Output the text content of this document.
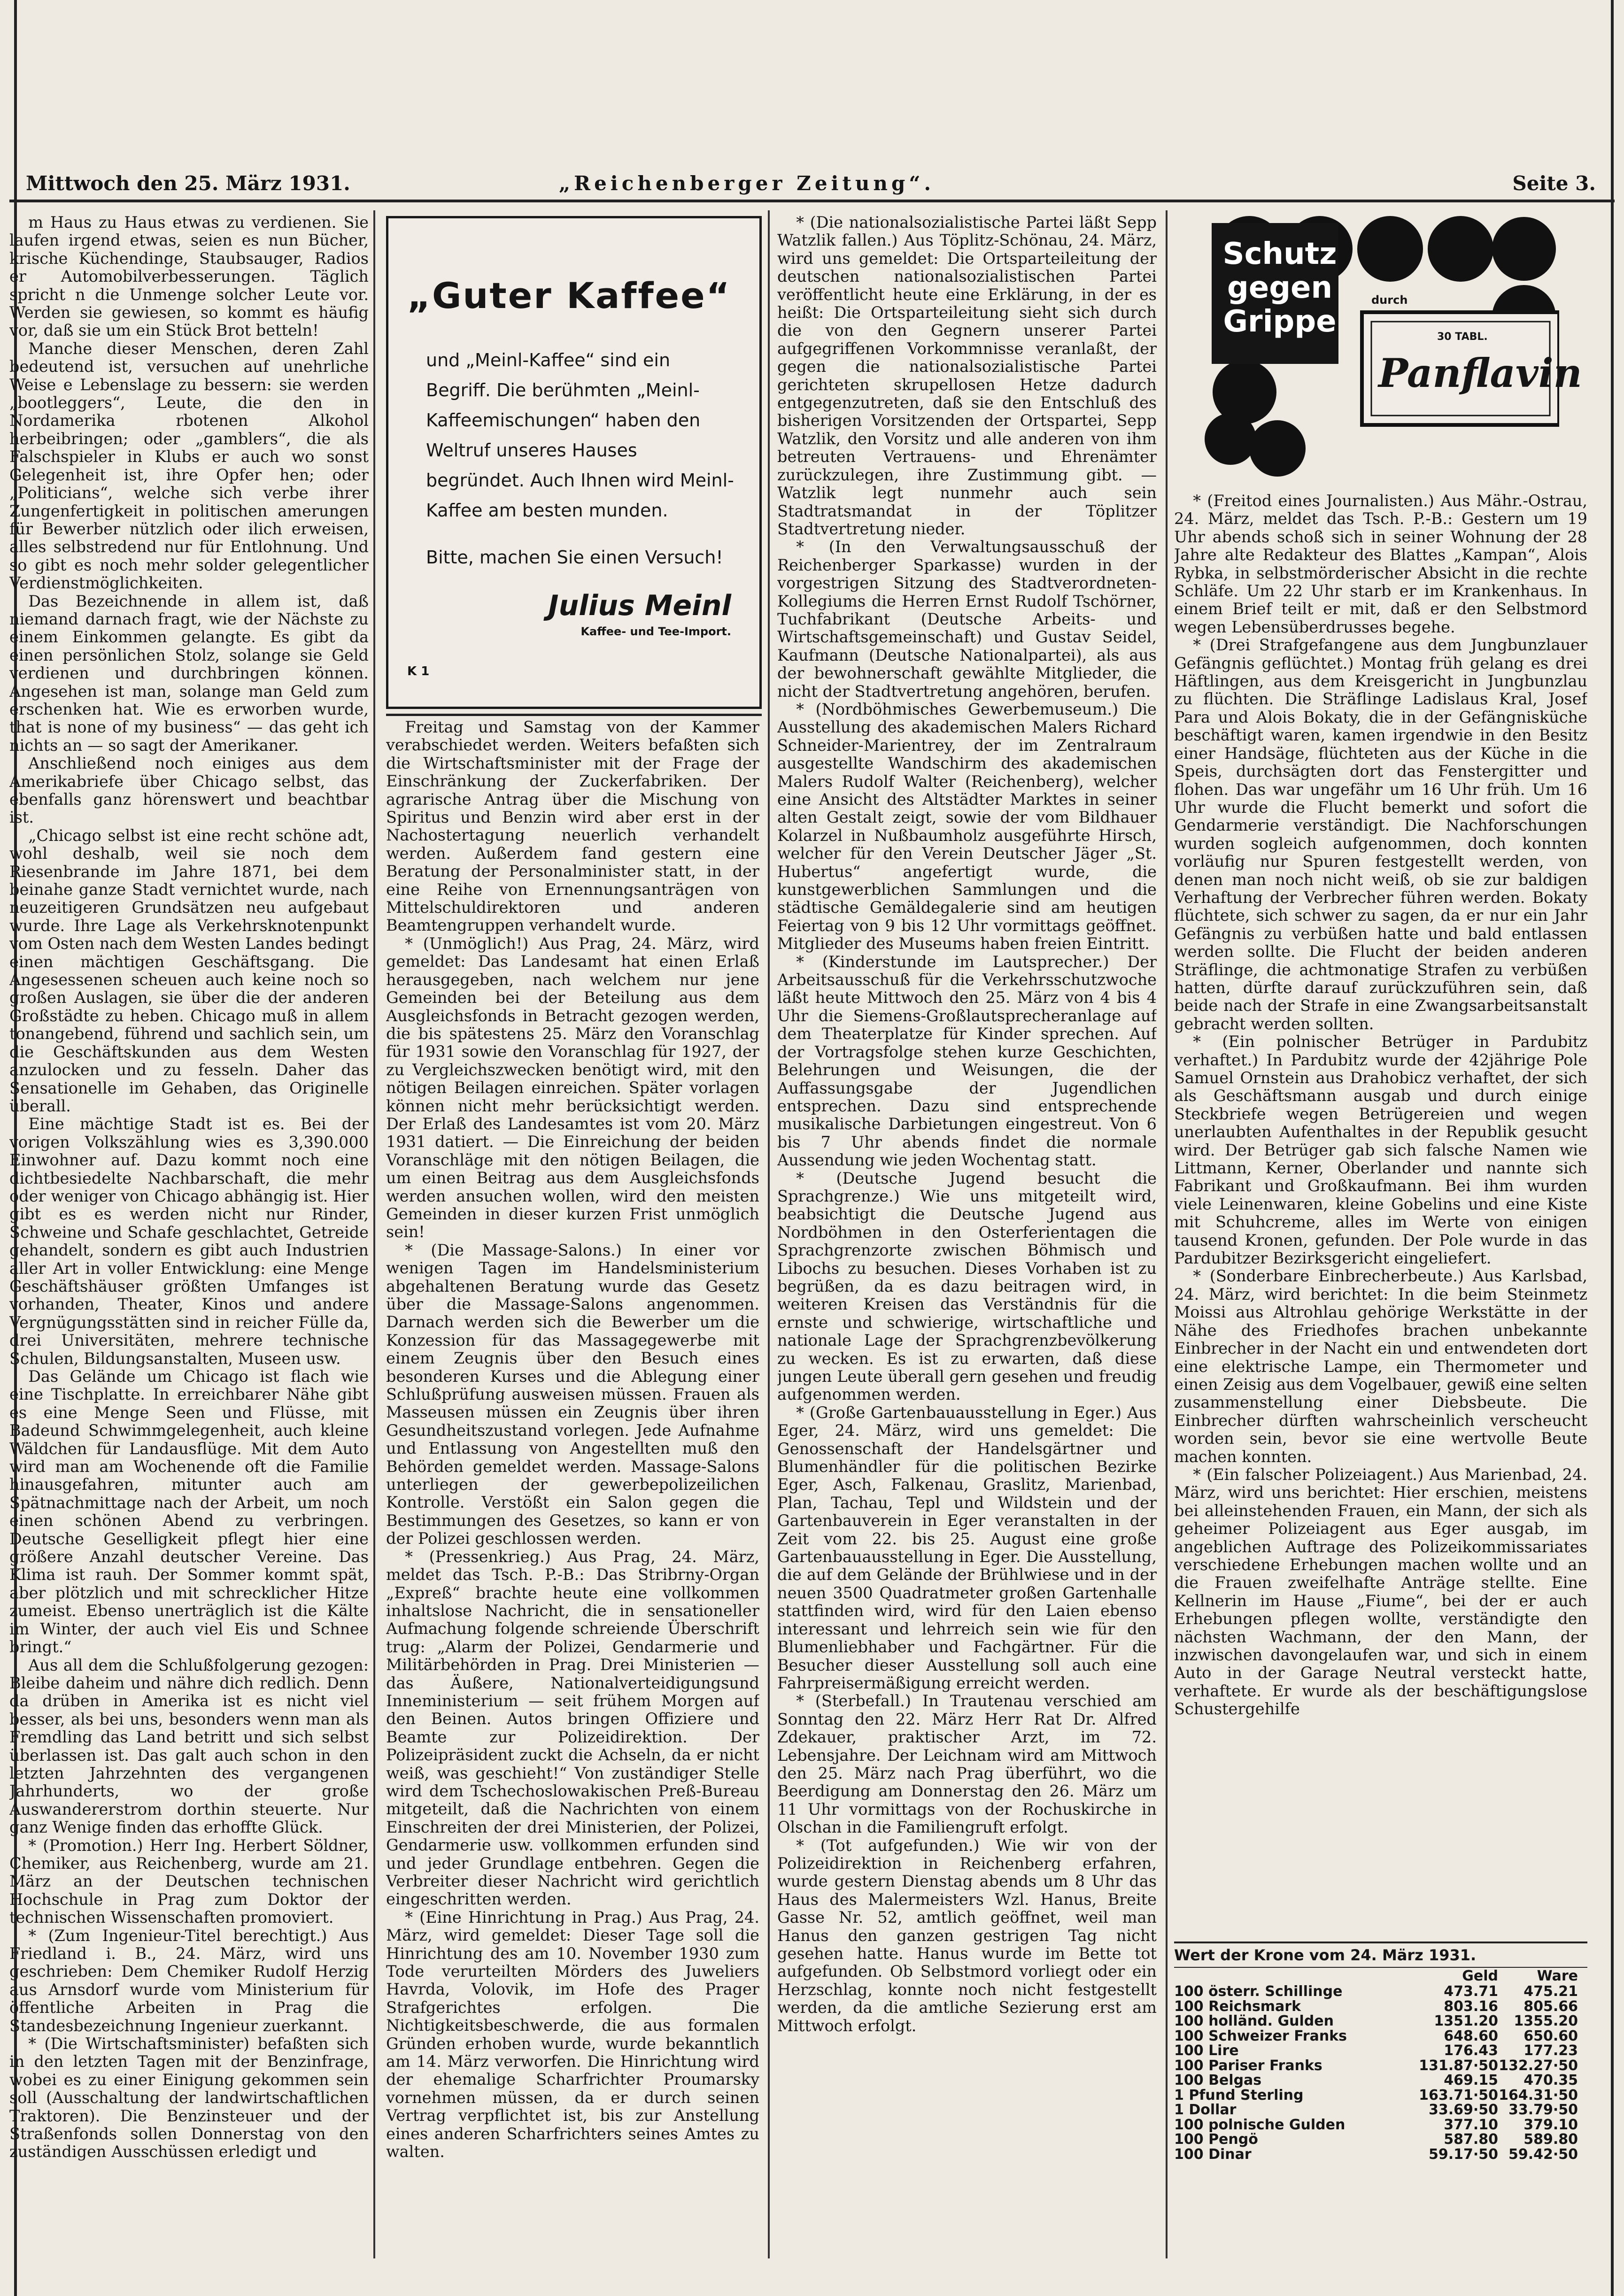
Mittwoch den 25. März 1931.	„Reichenberger Zeitung“.	Seite 3.

m Haus zu Haus etwas zu verdienen. Sie laufen irgend etwas, seien es nun Bücher, krische Küchendinge, Staubsauger, Radios er Automobilverbesserungen. Täglich spricht n die Unmenge solcher Leute vor. Werden sie gewiesen, so kommt es häufig vor, daß sie um ein Stück Brot betteln!

Manche dieser Menschen, deren Zahl bedeutend ist, versuchen auf unehrliche Weise e Lebenslage zu bessern: sie werden „bootleggers“, Leute, die den in Nordamerika rbotenen Alkohol herbeibringen; oder „gamblers“, die als Falschspieler in Klubs er auch wo sonst Gelegenheit ist, ihre Opfer hen; oder „Politicians“, welche sich verbe ihrer Zungenfertigkeit in politischen amerungen für Bewerber nützlich oder ilich erweisen, alles selbstredend nur für Entlohnung. Und so gibt es noch mehr solder gelegentlicher Verdienstmöglichkeiten.

Das Bezeichnende in allem ist, daß niemand darnach fragt, wie der Nächste zu einem Einkommen gelangte. Es gibt da einen persönlichen Stolz, solange sie Geld verdienen und durchbringen können. Angesehen ist man, solange man Geld zum erschenken hat. Wie es erworben wurde, that is none of my business“ — das geht ich nichts an — so sagt der Amerikaner.

Anschließend noch einiges aus dem Amerikabriefe über Chicago selbst, das ebenfalls ganz hörenswert und beachtbar ist.

„Chicago selbst ist eine recht schöne adt, wohl deshalb, weil sie noch dem Riesenbrande im Jahre 1871, bei dem beinahe ganze Stadt vernichtet wurde, nach neuzeitigeren Grundsätzen neu aufgebaut wurde. Ihre Lage als Verkehrsknotenpunkt vom Osten nach dem Westen Landes bedingt einen mächtigen Geschäftsgang. Die Angesessenen scheuen auch keine noch so großen Auslagen, sie über die der anderen Großstädte zu heben. Chicago muß in allem tonangebend, führend und sachlich sein, um die Geschäftskunden aus dem Westen anzulocken und zu fesseln. Daher das Sensationelle im Gehaben, das Originelle überall.

Eine mächtige Stadt ist es. Bei der vorigen Volkszählung wies es 3,390.000 Einwohner auf. Dazu kommt noch eine dichtbesiedelte Nachbarschaft, die mehr oder weniger von Chicago abhängig ist. Hier gibt es es werden nicht nur Rinder, Schweine und Schafe geschlachtet, Getreide gehandelt, sondern es gibt auch Industrien aller Art in voller Entwicklung: eine Menge Geschäftshäuser größten Umfanges ist vorhanden, Theater, Kinos und andere Vergnügungsstätten sind in reicher Fülle da, drei Universitäten, mehrere technische Schulen, Bildungsanstalten, Museen usw.

Das Gelände um Chicago ist flach wie eine Tischplatte. In erreichbarer Nähe gibt es eine Menge Seen und Flüsse, mit Badeund Schwimmgelegenheit, auch kleine Wäldchen für Landausflüge. Mit dem Auto wird man am Wochenende oft die Familie hinausgefahren, mitunter auch am Spätnachmittage nach der Arbeit, um noch einen schönen Abend zu verbringen. Deutsche Geselligkeit pflegt hier eine größere Anzahl deutscher Vereine. Das Klima ist rauh. Der Sommer kommt spät, aber plötzlich und mit schrecklicher Hitze zumeist. Ebenso unerträglich ist die Kälte im Winter, der auch viel Eis und Schnee bringt.“

Aus all dem die Schlußfolgerung gezogen: Bleibe daheim und nähre dich redlich. Denn da drüben in Amerika ist es nicht viel besser, als bei uns, besonders wenn man als Fremdling das Land betritt und sich selbst überlassen ist. Das galt auch schon in den letzten Jahrzehnten des vergangenen Jahrhunderts, wo der große Auswandererstrom dorthin steuerte. Nur ganz Wenige finden das erhoffte Glück.

* (Promotion.) Herr Ing. Herbert Söldner, Chemiker, aus Reichenberg, wurde am 21. März an der Deutschen technischen Hochschule in Prag zum Doktor der technischen Wissenschaften promoviert.

* (Zum Ingenieur-Titel berechtigt.) Aus Friedland i. B., 24. März, wird uns geschrieben: Dem Chemiker Rudolf Herzig aus Arnsdorf wurde vom Ministerium für öffentliche Arbeiten in Prag die Standesbezeichnung Ingenieur zuerkannt.

* (Die Wirtschaftsminister) befaßten sich in den letzten Tagen mit der Benzinfrage, wobei es zu einer Einigung gekommen sein soll (Ausschaltung der landwirtschaftlichen Traktoren). Die Benzinsteuer und der Straßenfonds sollen Donnerstag von den zuständigen Ausschüssen erledigt und

„Guter Kaffee“
und „Meinl-Kaffee“ sind ein Begriff. Die berühmten „Meinl-Kaffeemischungen“ haben den Weltruf unseres Hauses begründet. Auch Ihnen wird Meinl-Kaffee am besten munden.
Bitte, machen Sie einen Versuch!
Julius Meinl
Kaffee- und Tee-Import.
K 1

Freitag und Samstag von der Kammer verabschiedet werden. Weiters befaßten sich die Wirtschaftsminister mit der Frage der Einschränkung der Zuckerfabriken. Der agrarische Antrag über die Mischung von Spiritus und Benzin wird aber erst in der Nachostertagung neuerlich verhandelt werden. Außerdem fand gestern eine Beratung der Personalminister statt, in der eine Reihe von Ernennungsanträgen von Mittelschuldirektoren und anderen Beamtengruppen verhandelt wurde.

* (Unmöglich!) Aus Prag, 24. März, wird gemeldet: Das Landesamt hat einen Erlaß herausgegeben, nach welchem nur jene Gemeinden bei der Beteilung aus dem Ausgleichsfonds in Betracht gezogen werden, die bis spätestens 25. März den Voranschlag für 1931 sowie den Voranschlag für 1927, der zu Vergleichszwecken benötigt wird, mit den nötigen Beilagen einreichen. Später vorlagen können nicht mehr berücksichtigt werden. Der Erlaß des Landesamtes ist vom 20. März 1931 datiert. — Die Einreichung der beiden Voranschläge mit den nötigen Beilagen, die um einen Beitrag aus dem Ausgleichsfonds werden ansuchen wollen, wird den meisten Gemeinden in dieser kurzen Frist unmöglich sein!

* (Die Massage-Salons.) In einer vor wenigen Tagen im Handelsministerium abgehaltenen Beratung wurde das Gesetz über die Massage-Salons angenommen. Darnach werden sich die Bewerber um die Konzession für das Massagegewerbe mit einem Zeugnis über den Besuch eines besonderen Kurses und die Ablegung einer Schlußprüfung ausweisen müssen. Frauen als Masseusen müssen ein Zeugnis über ihren Gesundheitszustand vorlegen. Jede Aufnahme und Entlassung von Angestellten muß den Behörden gemeldet werden. Massage-Salons unterliegen der gewerbepolizeilichen Kontrolle. Verstößt ein Salon gegen die Bestimmungen des Gesetzes, so kann er von der Polizei geschlossen werden.

* (Pressenkrieg.) Aus Prag, 24. März, meldet das Tsch. P.-B.: Das Stribrny-Organ „Expreß“ brachte heute eine vollkommen inhaltslose Nachricht, die in sensationeller Aufmachung folgende schreiende Überschrift trug: „Alarm der Polizei, Gendarmerie und Militärbehörden in Prag. Drei Ministerien — das Äußere, Nationalverteidigungsund Inneministerium — seit frühem Morgen auf den Beinen. Autos bringen Offiziere und Beamte zur Polizeidirektion. Der Polizeipräsident zuckt die Achseln, da er nicht weiß, was geschieht!“ Von zuständiger Stelle wird dem Tschechoslowakischen Preß-Bureau mitgeteilt, daß die Nachrichten von einem Einschreiten der drei Ministerien, der Polizei, Gendarmerie usw. vollkommen erfunden sind und jeder Grundlage entbehren. Gegen die Verbreiter dieser Nachricht wird gerichtlich eingeschritten werden.

* (Eine Hinrichtung in Prag.) Aus Prag, 24. März, wird gemeldet: Dieser Tage soll die Hinrichtung des am 10. November 1930 zum Tode verurteilten Mörders des Juweliers Havrda, Volovik, im Hofe des Prager Strafgerichtes erfolgen. Die Nichtigkeitsbeschwerde, die aus formalen Gründen erhoben wurde, wurde bekanntlich am 14. März verworfen. Die Hinrichtung wird der ehemalige Scharfrichter Proumarsky vornehmen müssen, da er durch seinen Vertrag verpflichtet ist, bis zur Anstellung eines anderen Scharfrichters seines Amtes zu walten.

* (Die nationalsozialistische Partei läßt Sepp Watzlik fallen.) Aus Töplitz-Schönau, 24. März, wird uns gemeldet: Die Ortsparteileitung der deutschen nationalsozialistischen Partei veröffentlicht heute eine Erklärung, in der es heißt: Die Ortsparteileitung sieht sich durch die von den Gegnern unserer Partei aufgegriffenen Vorkommnisse veranlaßt, der gegen die nationalsozialistische Partei gerichteten skrupellosen Hetze dadurch entgegenzutreten, daß sie den Entschluß des bisherigen Vorsitzenden der Ortspartei, Sepp Watzlik, den Vorsitz und alle anderen von ihm betreuten Vertrauens- und Ehrenämter zurückzulegen, ihre Zustimmung gibt. — Watzlik legt nunmehr auch sein Stadtratsmandat in der Töplitzer Stadtvertretung nieder.

* (In den Verwaltungsausschuß der Reichenberger Sparkasse) wurden in der vorgestrigen Sitzung des Stadtverordneten-Kollegiums die Herren Ernst Rudolf Tschörner, Tuchfabrikant (Deutsche Arbeits- und Wirtschaftsgemeinschaft) und Gustav Seidel, Kaufmann (Deutsche Nationalpartei), als aus der bewohnerschaft gewählte Mitglieder, die nicht der Stadtvertretung angehören, berufen.

* (Nordböhmisches Gewerbemuseum.) Die Ausstellung des akademischen Malers Richard Schneider-Marientrey, der im Zentralraum ausgestellte Wandschirm des akademischen Malers Rudolf Walter (Reichenberg), welcher eine Ansicht des Altstädter Marktes in seiner alten Gestalt zeigt, sowie der vom Bildhauer Kolarzel in Nußbaumholz ausgeführte Hirsch, welcher für den Verein Deutscher Jäger „St. Hubertus“ angefertigt wurde, die kunstgewerblichen Sammlungen und die städtische Gemäldegalerie sind am heutigen Feiertag von 9 bis 12 Uhr vormittags geöffnet. Mitglieder des Museums haben freien Eintritt.

* (Kinderstunde im Lautsprecher.) Der Arbeitsausschuß für die Verkehrsschutzwoche läßt heute Mittwoch den 25. März von 4 bis 4 Uhr die Siemens-Großlautsprecheranlage auf dem Theaterplatze für Kinder sprechen. Auf der Vortragsfolge stehen kurze Geschichten, Belehrungen und Weisungen, die der Auffassungsgabe der Jugendlichen entsprechen. Dazu sind entsprechende musikalische Darbietungen eingestreut. Von 6 bis 7 Uhr abends findet die normale Aussendung wie jeden Wochentag statt.

* (Deutsche Jugend besucht die Sprachgrenze.) Wie uns mitgeteilt wird, beabsichtigt die Deutsche Jugend aus Nordböhmen in den Osterferientagen die Sprachgrenzorte zwischen Böhmisch und Libochs zu besuchen. Dieses Vorhaben ist zu begrüßen, da es dazu beitragen wird, in weiteren Kreisen das Verständnis für die ernste und schwierige, wirtschaftliche und nationale Lage der Sprachgrenzbevölkerung zu wecken. Es ist zu erwarten, daß diese jungen Leute überall gern gesehen und freudig aufgenommen werden.

* (Große Gartenbauausstellung in Eger.) Aus Eger, 24. März, wird uns gemeldet: Die Genossenschaft der Handelsgärtner und Blumenhändler für die politischen Bezirke Eger, Asch, Falkenau, Graslitz, Marienbad, Plan, Tachau, Tepl und Wildstein und der Gartenbauverein in Eger veranstalten in der Zeit vom 22. bis 25. August eine große Gartenbauausstellung in Eger. Die Ausstellung, die auf dem Gelände der Brühlwiese und in der neuen 3500 Quadratmeter großen Gartenhalle stattfinden wird, wird für den Laien ebenso interessant und lehrreich sein wie für den Blumenliebhaber und Fachgärtner. Für die Besucher dieser Ausstellung soll auch eine Fahrpreisermäßigung erreicht werden.

* (Sterbefall.) In Trautenau verschied am Sonntag den 22. März Herr Rat Dr. Alfred Zdekauer, praktischer Arzt, im 72. Lebensjahre. Der Leichnam wird am Mittwoch den 25. März nach Prag überführt, wo die Beerdigung am Donnerstag den 26. März um 11 Uhr vormittags von der Rochuskirche in Olschan in die Familiengruft erfolgt.

* (Tot aufgefunden.) Wie wir von der Polizeidirektion in Reichenberg erfahren, wurde gestern Dienstag abends um 8 Uhr das Haus des Malermeisters Wzl. Hanus, Breite Gasse Nr. 52, amtlich geöffnet, weil man Hanus den ganzen gestrigen Tag nicht gesehen hatte. Hanus wurde im Bette tot aufgefunden. Ob Selbstmord vorliegt oder ein Herzschlag, konnte noch nicht festgestellt werden, da die amtliche Sezierung erst am Mittwoch erfolgt.

Schutz
gegen
Grippe
durch
30 TABL.
Panflavin

* (Freitod eines Journalisten.) Aus Mähr.-Ostrau, 24. März, meldet das Tsch. P.-B.: Gestern um 19 Uhr abends schoß sich in seiner Wohnung der 28 Jahre alte Redakteur des Blattes „Kampan“, Alois Rybka, in selbstmörderischer Absicht in die rechte Schläfe. Um 22 Uhr starb er im Krankenhaus. In einem Brief teilt er mit, daß er den Selbstmord wegen Lebensüberdrusses begehe.

* (Drei Strafgefangene aus dem Jungbunzlauer Gefängnis geflüchtet.) Montag früh gelang es drei Häftlingen, aus dem Kreisgericht in Jungbunzlau zu flüchten. Die Sträflinge Ladislaus Kral, Josef Para und Alois Bokaty, die in der Gefängnisküche beschäftigt waren, kamen irgendwie in den Besitz einer Handsäge, flüchteten aus der Küche in die Speis, durchsägten dort das Fenstergitter und flohen. Das war ungefähr um 16 Uhr früh. Um 16 Uhr wurde die Flucht bemerkt und sofort die Gendarmerie verständigt. Die Nachforschungen wurden sogleich aufgenommen, doch konnten vorläufig nur Spuren festgestellt werden, von denen man noch nicht weiß, ob sie zur baldigen Verhaftung der Verbrecher führen werden. Bokaty flüchtete, sich schwer zu sagen, da er nur ein Jahr Gefängnis zu verbüßen hatte und bald entlassen werden sollte. Die Flucht der beiden anderen Sträflinge, die achtmonatige Strafen zu verbüßen hatten, dürfte darauf zurückzuführen sein, daß beide nach der Strafe in eine Zwangsarbeitsanstalt gebracht werden sollten.

* (Ein polnischer Betrüger in Pardubitz verhaftet.) In Pardubitz wurde der 42jährige Pole Samuel Ornstein aus Drahobicz verhaftet, der sich als Geschäftsmann ausgab und durch einige Steckbriefe wegen Betrügereien und wegen unerlaubten Aufenthaltes in der Republik gesucht wird. Der Betrüger gab sich falsche Namen wie Littmann, Kerner, Oberlander und nannte sich Fabrikant und Großkaufmann. Bei ihm wurden viele Leinenwaren, kleine Gobelins und eine Kiste mit Schuhcreme, alles im Werte von einigen tausend Kronen, gefunden. Der Pole wurde in das Pardubitzer Bezirksgericht eingeliefert.

* (Sonderbare Einbrecherbeute.) Aus Karlsbad, 24. März, wird berichtet: In die beim Steinmetz Moissi aus Altrohlau gehörige Werkstätte in der Nähe des Friedhofes brachen unbekannte Einbrecher in der Nacht ein und entwendeten dort eine elektrische Lampe, ein Thermometer und einen Zeisig aus dem Vogelbauer, gewiß eine selten zusammenstellung einer Diebsbeute. Die Einbrecher dürften wahrscheinlich verscheucht worden sein, bevor sie eine wertvolle Beute machen konnten.

* (Ein falscher Polizeiagent.) Aus Marienbad, 24. März, wird uns berichtet: Hier erschien, meistens bei alleinstehenden Frauen, ein Mann, der sich als geheimer Polizeiagent aus Eger ausgab, im angeblichen Auftrage des Polizeikommissariates verschiedene Erhebungen machen wollte und an die Frauen zweifelhafte Anträge stellte. Eine Kellnerin im Hause „Fiume“, bei der er auch Erhebungen pflegen wollte, verständigte den nächsten Wachmann, der den Mann, der inzwischen davongelaufen war, und sich in einem Auto in der Garage Neutral versteckt hatte, verhaftete. Er wurde als der beschäftigungslose Schustergehilfe

Wert der Krone vom 24. März 1931.
Geld	Ware
100 österr. Schillinge	473.71	475.21
100 Reichsmark	803.16	805.66
100 holländ. Gulden	1351.20	1355.20
100 Schweizer Franks	648.60	650.60
100 Lire	176.43	177.23
100 Pariser Franks	131.87·50 132.27·50
100 Belgas	469.15	470.35
1 Pfund Sterling	163.71·50 164.31·50
1 Dollar	33.69·50 33.79·50
100 polnische Gulden	377.10	379.10
100 Pengö	587.80	589.80
100 Dinar	59.17·50 59.42·50
